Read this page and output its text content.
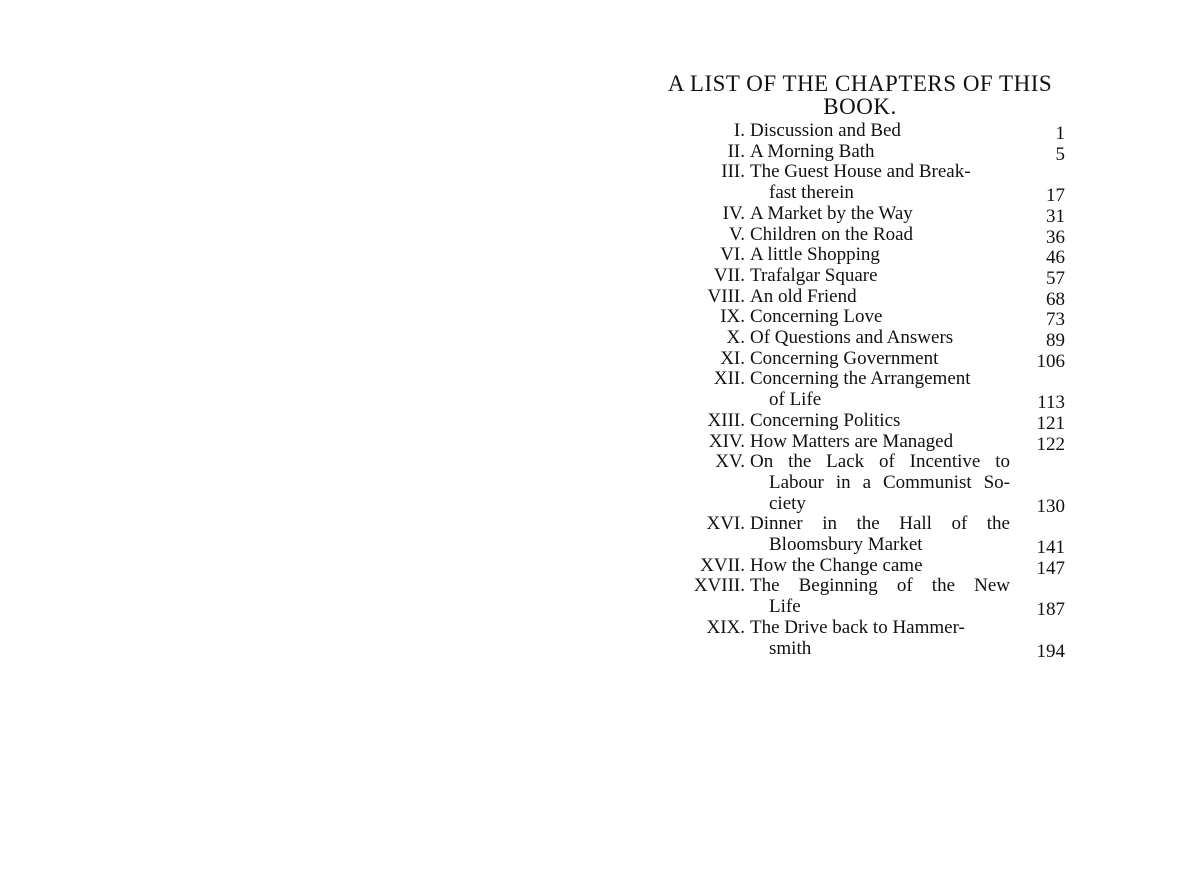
A LIST OF THE CHAPTERS OF THIS
BOOK.
I. Discussion and Bed	1
II. A Morning Bath	5
III. The Guest House and Break-
fast therein	17
IV. A Market by the Way	31
V. Children on the Road	36
VI. A little Shopping	46
VII. Trafalgar Square	57
VIII. An old Friend	68
IX. Concerning Love	73
X. Of Questions and Answers	89
XI. Concerning Government	106
XII. Concerning the Arrangement
of Life	113
XIII. Concerning Politics	121
XIV. How Matters are Managed	122
XV. On the Lack of Incentive to
Labour in a Communist So-
ciety	130
XVI. Dinner in the Hall of the
Bloomsbury Market	141
XVII. How the Change came	147
XVIII. The Beginning of the New
Life	187
XIX. The Drive back to Hammer-
smith	194
